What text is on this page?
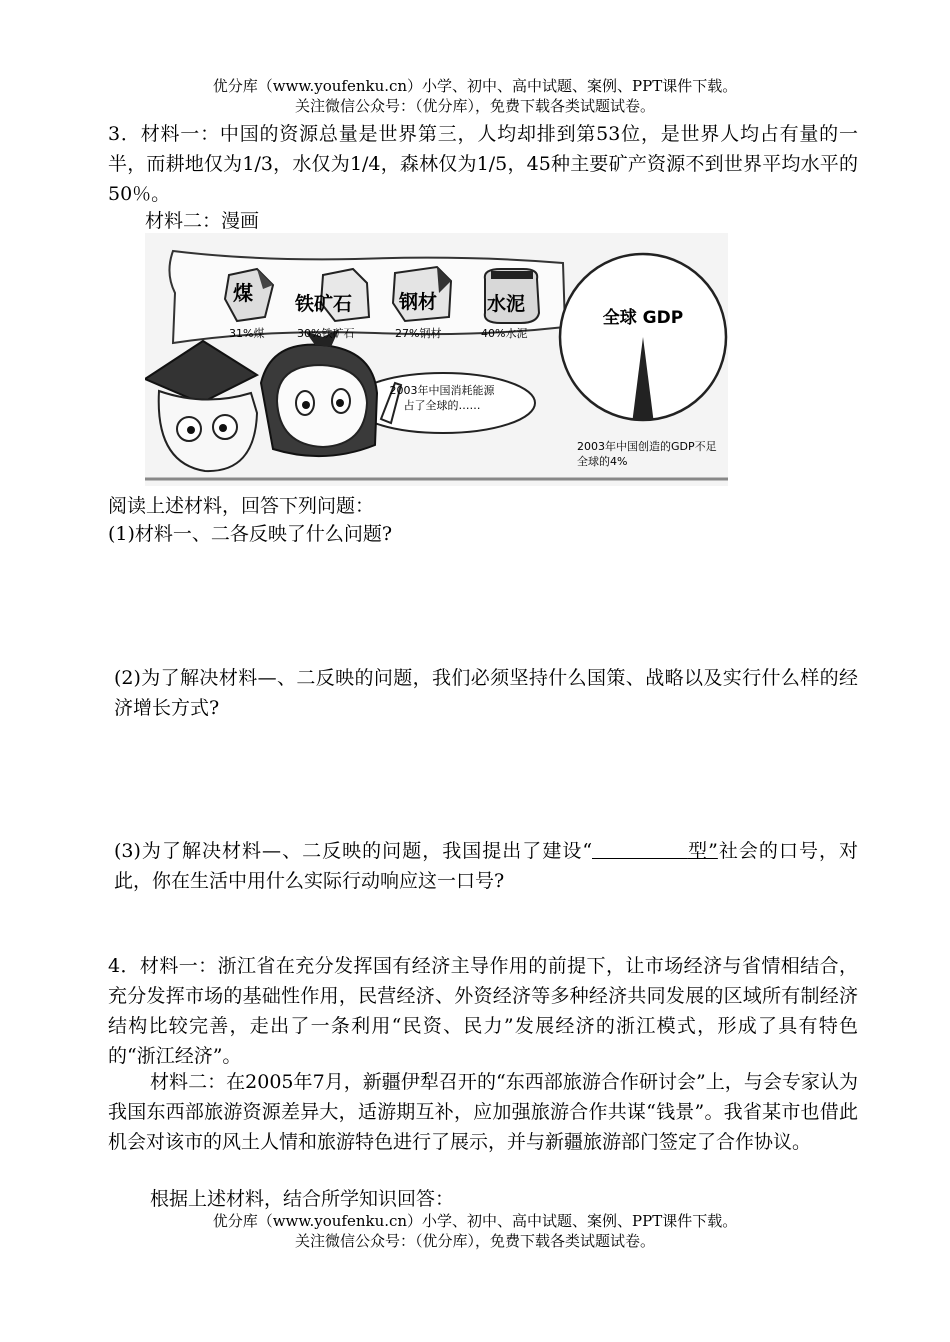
优分库（www.youfenku.cn）小学、初中、高中试题、案例、PPT课件下载。
关注微信公众号：（优分库），免费下载各类试题试卷。
3．材料一：中国的资源总量是世界第三，人均却排到第53位，是世界人均占有量的一半，而耕地仅为1/3，水仅为1/4，森林仅为1/5，45种主要矿产资源不到世界平均水平的50％。
材料二：漫画
煤 铁矿石 钢材	水泥
31%煤	30%铁矿石	27%钢材	40%水泥
2003年中国消耗能源占了全球的……
全球 GDP
2003年中国创造的GDP不足全球的4%
阅读上述材料，回答下列问题：
(1)材料一、二各反映了什么问题?
(2)为了解决材料—、二反映的问题，我们必须坚持什么国策、战略以及实行什么样的经济增长方式?
(3)为了解决材料—、二反映的问题，我国提出了建设“	型”社会的口号，对此，你在生活中用什么实际行动响应这一口号?
4．材料一：浙江省在充分发挥国有经济主导作用的前提下，让市场经济与省情相结合，充分发挥市场的基础性作用，民营经济、外资经济等多种经济共同发展的区域所有制经济结构比较完善，走出了一条利用“民资、民力”发展经济的浙江模式，形成了具有特色的“浙江经济”。
材料二：在2005年7月，新疆伊犁召开的“东西部旅游合作研讨会”上，与会专家认为我国东西部旅游资源差异大，适游期互补，应加强旅游合作共谋“钱景”。我省某市也借此机会对该市的风土人情和旅游特色进行了展示，并与新疆旅游部门签定了合作协议。
根据上述材料，结合所学知识回答：
优分库（www.youfenku.cn）小学、初中、高中试题、案例、PPT课件下载。
关注微信公众号：（优分库），免费下载各类试题试卷。
